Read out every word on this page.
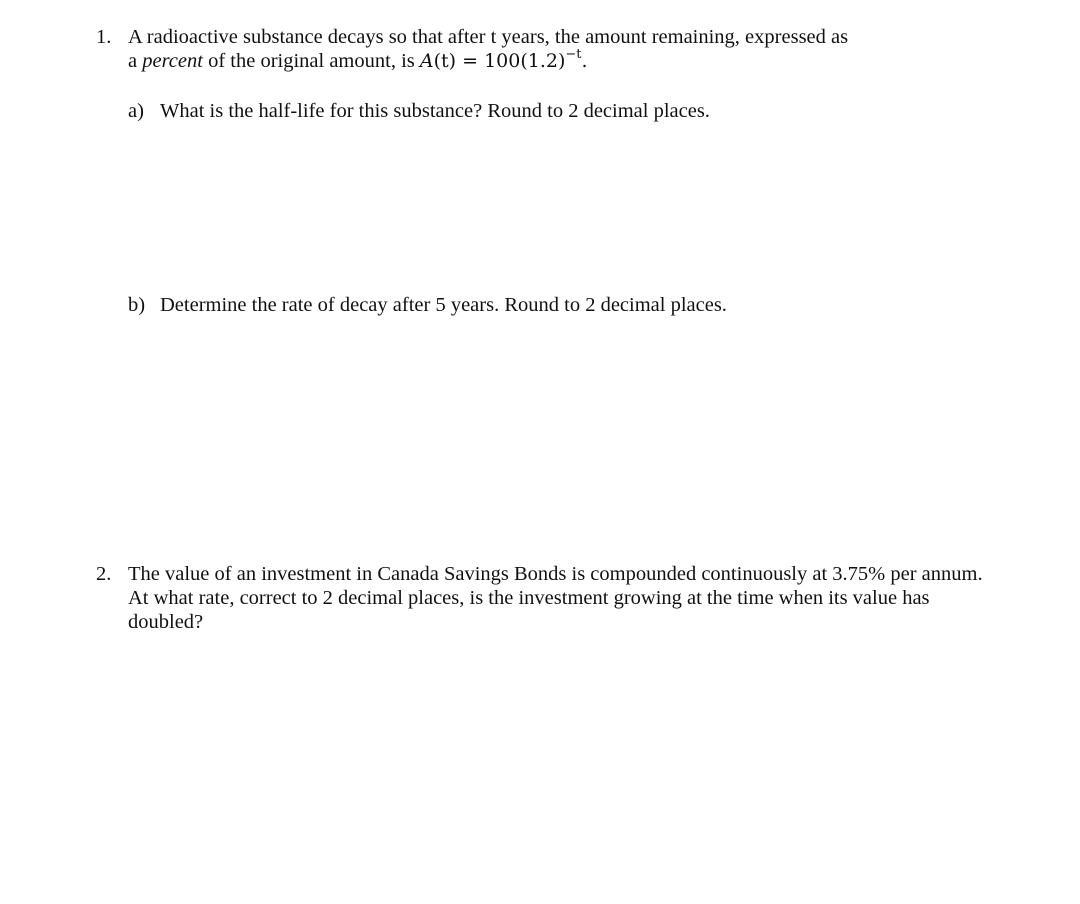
1. A radioactive substance decays so that after t years, the amount remaining, expressed as
a percent of the original amount, is $A(t) = 100(1.2)^{-t}$.
a) What is the half-life for this substance? Round to 2 decimal places.
b) Determine the rate of decay after 5 years. Round to 2 decimal places.
2. The value of an investment in Canada Savings Bonds is compounded continuously at 3.75% per annum.
At what rate, correct to 2 decimal places, is the investment growing at the time when its value has
doubled?
